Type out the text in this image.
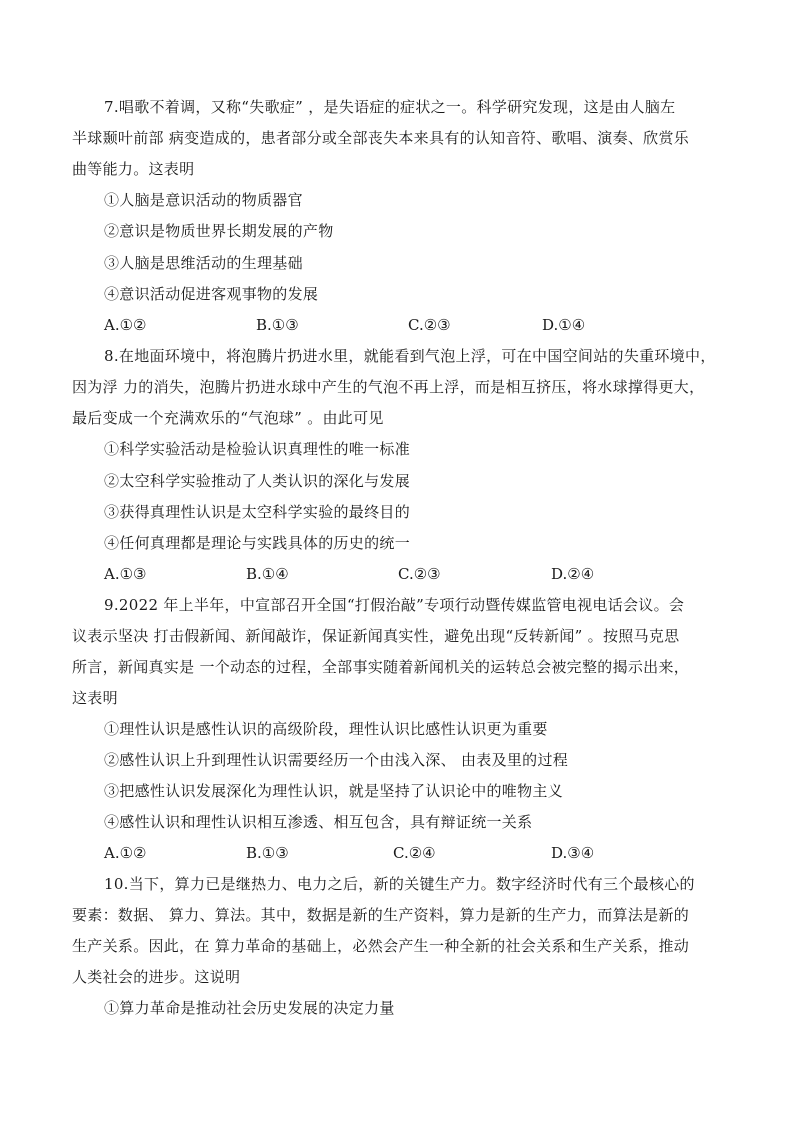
7.唱歌不着调，又称“失歌症” ，是失语症的症状之一。科学研究发现，这是由人脑左
半球颞叶前部 病变造成的，患者部分或全部丧失本来具有的认知音符、歌唱、演奏、欣赏乐
曲等能力。这表明
①人脑是意识活动的物质器官
②意识是物质世界长期发展的产物
③人脑是思维活动的生理基础
④意识活动促进客观事物的发展
A.①②	B.①③	C.②③	D.①④
8.在地面环境中，将泡腾片扔进水里，就能看到气泡上浮，可在中国空间站的失重环境中，
因为浮 力的消失，泡腾片扔进水球中产生的气泡不再上浮，而是相互挤压，将水球撑得更大，
最后变成一个充满欢乐的“气泡球” 。由此可见
①科学实验活动是检验认识真理性的唯一标准
②太空科学实验推动了人类认识的深化与发展
③获得真理性认识是太空科学实验的最终目的
④任何真理都是理论与实践具体的历史的统一
A.①③	B.①④	C.②③	D.②④
9.2022 年上半年，中宣部召开全国“打假治敲”专项行动暨传媒监管电视电话会议。会
议表示坚决 打击假新闻、新闻敲诈，保证新闻真实性，避免出现“反转新闻” 。按照马克思
所言，新闻真实是 一个动态的过程，全部事实随着新闻机关的运转总会被完整的揭示出来，
这表明
①理性认识是感性认识的高级阶段，理性认识比感性认识更为重要
②感性认识上升到理性认识需要经历一个由浅入深、 由表及里的过程
③把感性认识发展深化为理性认识，就是坚持了认识论中的唯物主义
④感性认识和理性认识相互渗透、相互包含，具有辩证统一关系
A.①②	B.①③	C.②④	D.③④
10.当下，算力已是继热力、电力之后，新的关键生产力。数字经济时代有三个最核心的
要素：数据、 算力、算法。其中，数据是新的生产资料，算力是新的生产力，而算法是新的
生产关系。因此，在 算力革命的基础上，必然会产生一种全新的社会关系和生产关系，推动
人类社会的进步。这说明
①算力革命是推动社会历史发展的决定力量
